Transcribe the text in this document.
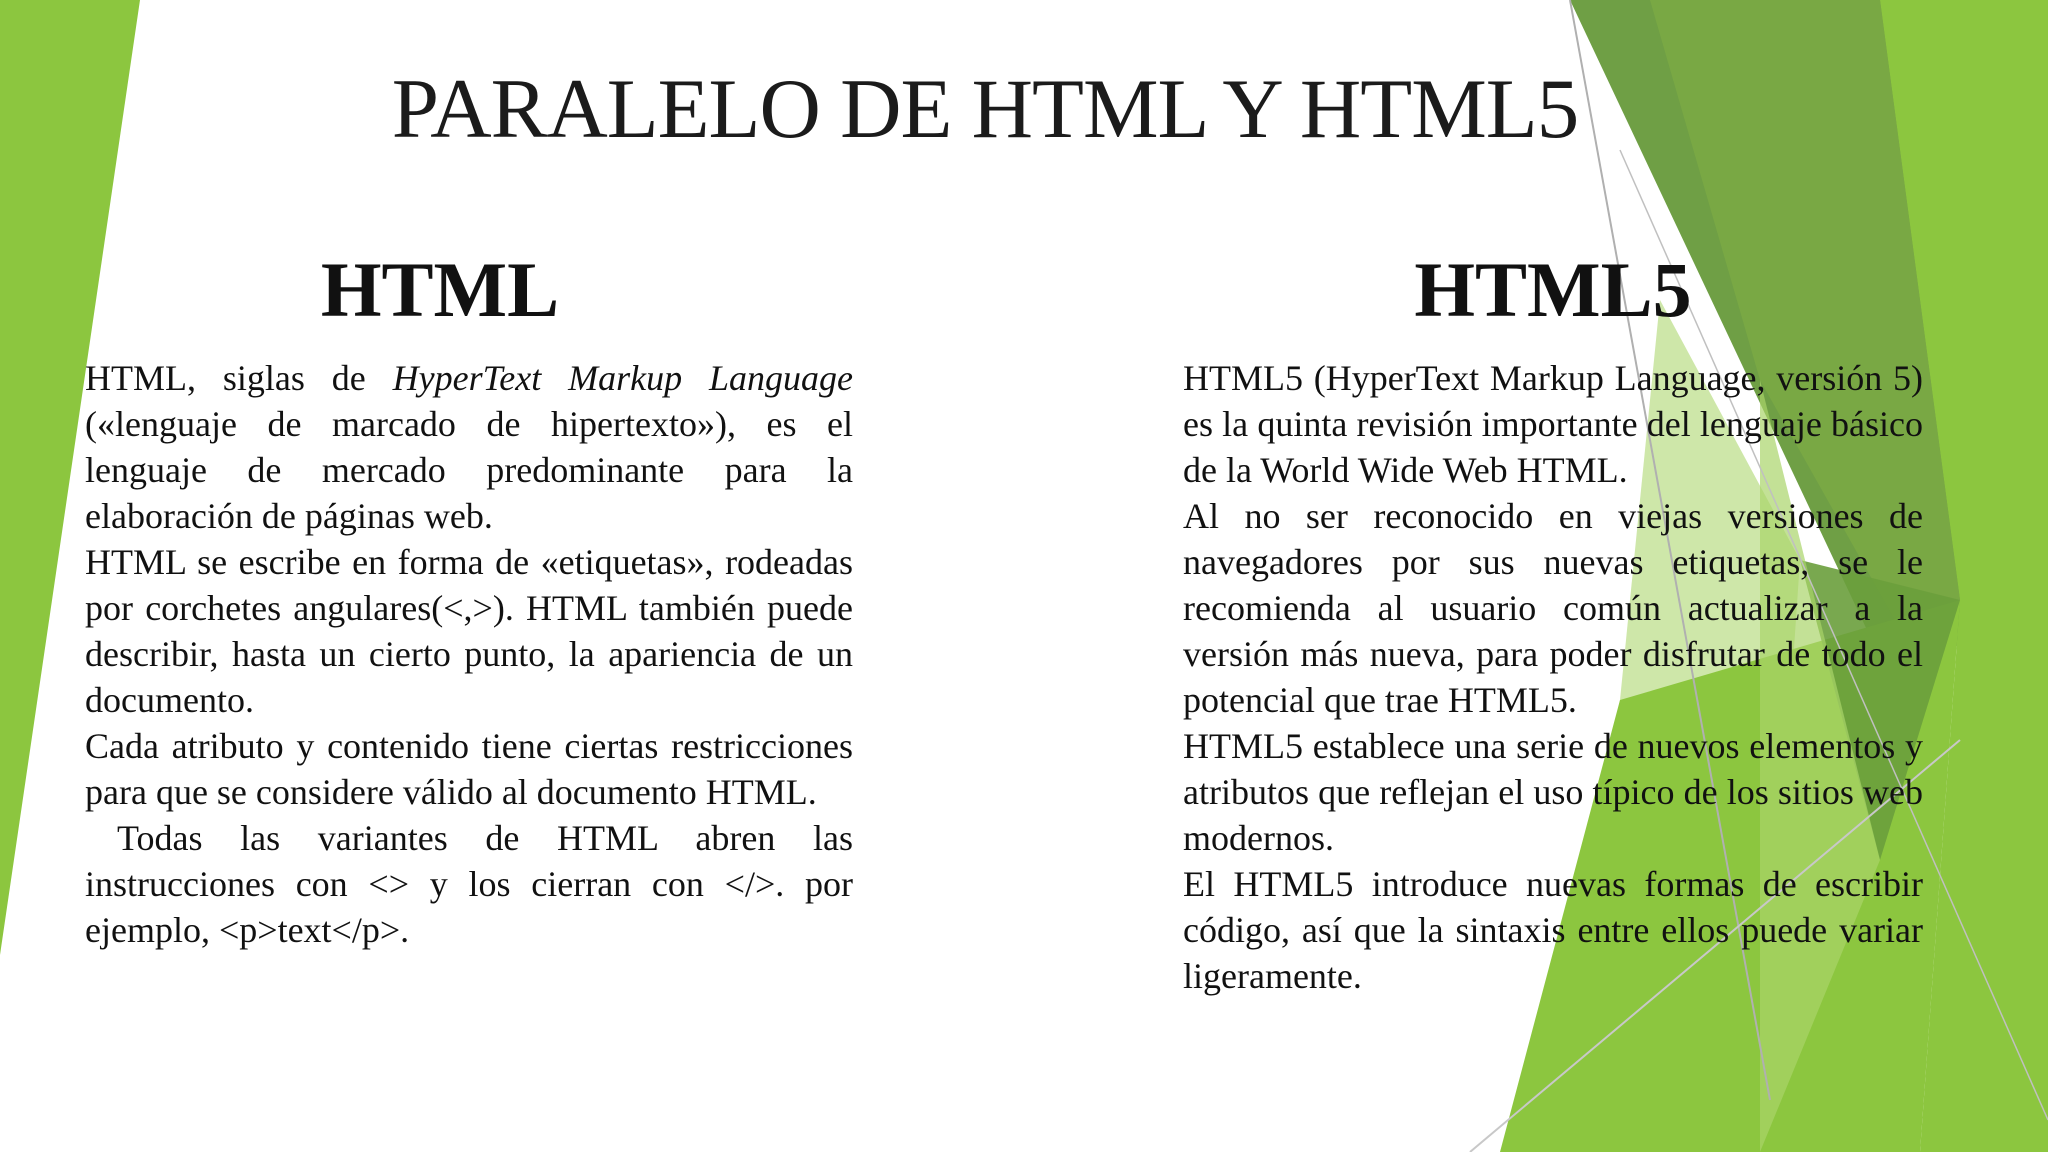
PARALELO DE HTML Y HTML5
HTML	HTML5

HTML, siglas de HyperText Markup Language («lenguaje de marcado de hipertexto»), es el lenguaje de mercado predominante para la elaboración de páginas web.

HTML se escribe en forma de «etiquetas», rodeadas por corchetes angulares(<,>). HTML también puede describir, hasta un cierto punto, la apariencia de un documento.

Cada atributo y contenido tiene ciertas restricciones para que se considere válido al documento HTML.

Todas las variantes de HTML abren las instrucciones con <> y los cierran con </>. por ejemplo, <p>text</p>.

HTML5 (HyperText Markup Language, versión 5) es la quinta revisión importante del lenguaje básico de la World Wide Web HTML.

Al no ser reconocido en viejas versiones de navegadores por sus nuevas etiquetas, se le recomienda al usuario común actualizar a la versión más nueva, para poder disfrutar de todo el potencial que trae HTML5.

HTML5 establece una serie de nuevos elementos y atributos que reflejan el uso típico de los sitios web modernos.

El HTML5 introduce nuevas formas de escribir código, así que la sintaxis entre ellos puede variar ligeramente.
